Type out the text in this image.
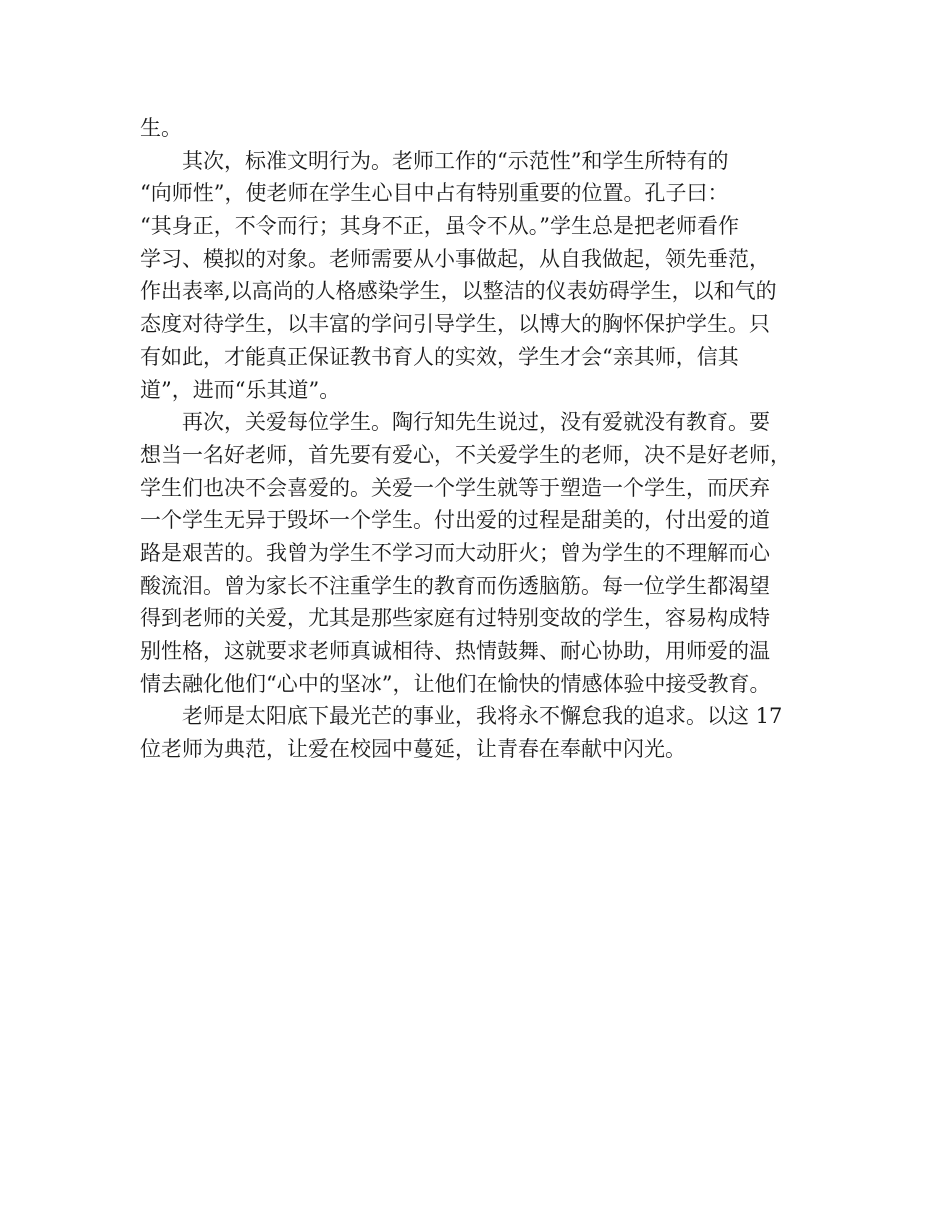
生。
其次，标准文明行为。老师工作的“示范性”和学生所特有的
“向师性”，使老师在学生心目中占有特别重要的位置。孔子曰：
“其身正，不令而行；其身不正，虽令不从。”学生总是把老师看作
学习、模拟的对象。老师需要从小事做起，从自我做起，领先垂范，
作出表率,以高尚的人格感染学生，以整洁的仪表妨碍学生，以和气的
态度对待学生，以丰富的学问引导学生，以博大的胸怀保护学生。只
有如此，才能真正保证教书育人的实效，学生才会“亲其师，信其
道”，进而“乐其道”。
再次，关爱每位学生。陶行知先生说过，没有爱就没有教育。要
想当一名好老师，首先要有爱心，不关爱学生的老师，决不是好老师，
学生们也决不会喜爱的。关爱一个学生就等于塑造一个学生，而厌弃
一个学生无异于毁坏一个学生。付出爱的过程是甜美的，付出爱的道
路是艰苦的。我曾为学生不学习而大动肝火；曾为学生的不理解而心
酸流泪。曾为家长不注重学生的教育而伤透脑筋。每一位学生都渴望
得到老师的关爱，尤其是那些家庭有过特别变故的学生，容易构成特
别性格，这就要求老师真诚相待、热情鼓舞、耐心协助，用师爱的温
情去融化他们“心中的坚冰”，让他们在愉快的情感体验中接受教育。
老师是太阳底下最光芒的事业，我将永不懈怠我的追求。以这 17
位老师为典范，让爱在校园中蔓延，让青春在奉献中闪光。
